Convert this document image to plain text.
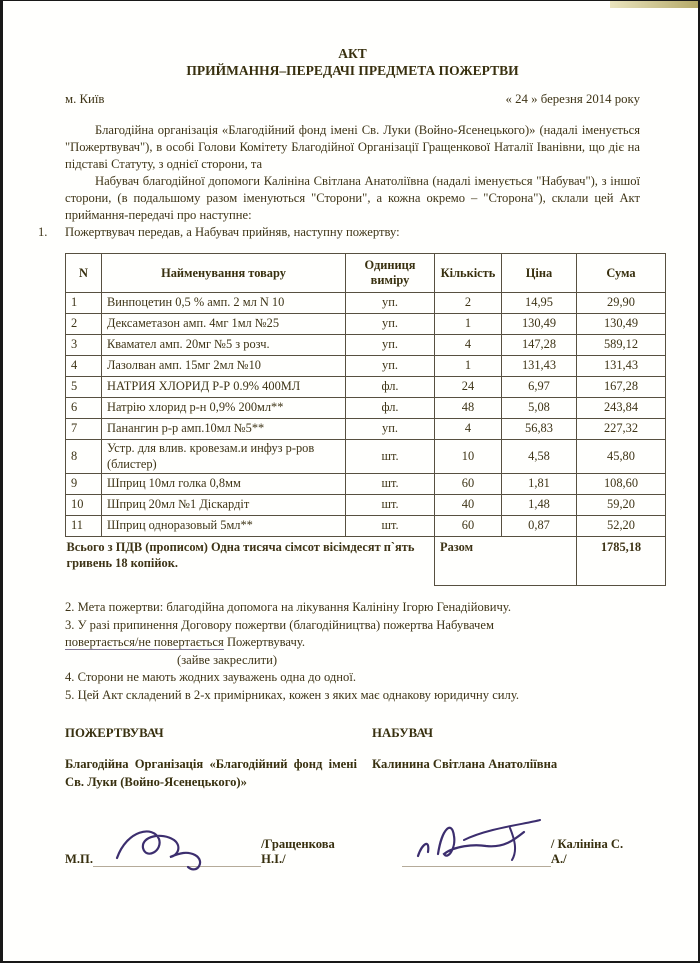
АКТ
ПРИЙМАННЯ–ПЕРЕДАЧІ ПРЕДМЕТА ПОЖЕРТВИ
м. Київ	« 24 » березня 2014 року

Благодійна організація «Благодійний фонд імені Св. Луки (Войно-Ясенецького)» (надалі іменується "Пожертвувач"), в особі Голови Комітету Благодійної Організації Гращенкової Наталії Іванівни, що діє на підставі Статуту, з однієї сторони, та

Набувач благодійної допомоги Калініна Світлана Анатоліївна (надалі іменується "Набувач"), з іншої сторони, (в подальшому разом іменуються "Сторони", а кожна окремо – "Сторона"), склали цей Акт приймання-передачі про наступне:

1.	Пожертвувач передав, а Набувач прийняв, наступну пожертву:
N	Найменування товару	Одиниця виміру	Кількість	Ціна	Сума
1	Винпоцетин 0,5 % амп. 2 мл N 10	уп.	2	14,95	29,90
2	Дексаметазон амп. 4мг 1мл №25	уп.	1	130,49	130,49
3	Квамател амп. 20мг №5 з розч.	уп.	4	147,28	589,12
4	Лазолван амп. 15мг 2мл №10	уп.	1	131,43	131,43
5	НАТРИЯ ХЛОРИД Р-Р 0.9% 400МЛ	фл.	24	6,97	167,28
6	Натрію хлорид р-н 0,9% 200мл**	фл.	48	5,08	243,84
7	Панангин р-р амп.10мл №5**	уп.	4	56,83	227,32
8	Устр. для влив. кровезам.и инфуз р-ров (блистер)	шт.	10	4,58	45,80
9	Шприц 10мл голка 0,8мм	шт.	60	1,81	108,60
10	Шприц 20мл №1 Діскардіт	шт.	40	1,48	59,20
11	Шприц одноразовый 5мл**	шт.	60	0,87	52,20
Всього з ПДВ (прописом) Одна тисяча сімсот вісімдесят п`ять гривень 18 копійок.			Разом		1785,18

2. Мета пожертви: благодійна допомога на лікування Калініну Ігорю Генадійовичу.

3. У разі припинення Договору пожертви (благодійництва) пожертва Набувачем
повертається/не повертається Пожертвувачу.

(зайве закреслити)

4. Сторони не мають жодних зауважень одна до одної.

5. Цей Акт складений в 2-х примірниках, кожен з яких має однакову юридичну силу.

ПОЖЕРТВУВАЧ	НАБУВАЧ
Благодійна Організація «Благодійний фонд імені Св. Луки (Войно-Ясенецького)»
Калинина Світлана Анатоліївна
М.П.
/Гращенкова Н.І./
/ Калініна С. А./
